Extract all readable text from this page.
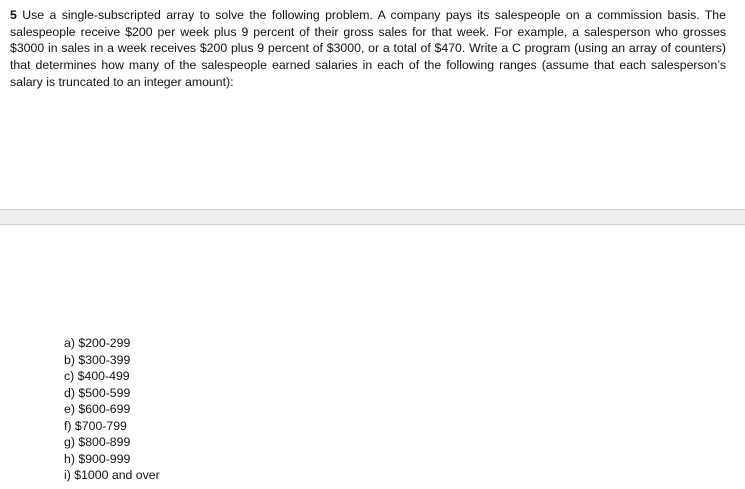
5 Use a single-subscripted array to solve the following problem. A company pays its salespeople on a commission basis. The salespeople receive $200 per week plus 9 percent of their gross sales for that week. For example, a salesperson who grosses $3000 in sales in a week receives $200 plus 9 percent of $3000, or a total of $470. Write a C program (using an array of counters) that determines how many of the salespeople earned salaries in each of the following ranges (assume that each salesperson’s salary is truncated to an integer amount):

a) $200-299
b) $300-399
c) $400-499
d) $500-599
e) $600-699
f) $700-799
g) $800-899
h) $900-999
i) $1000 and over
